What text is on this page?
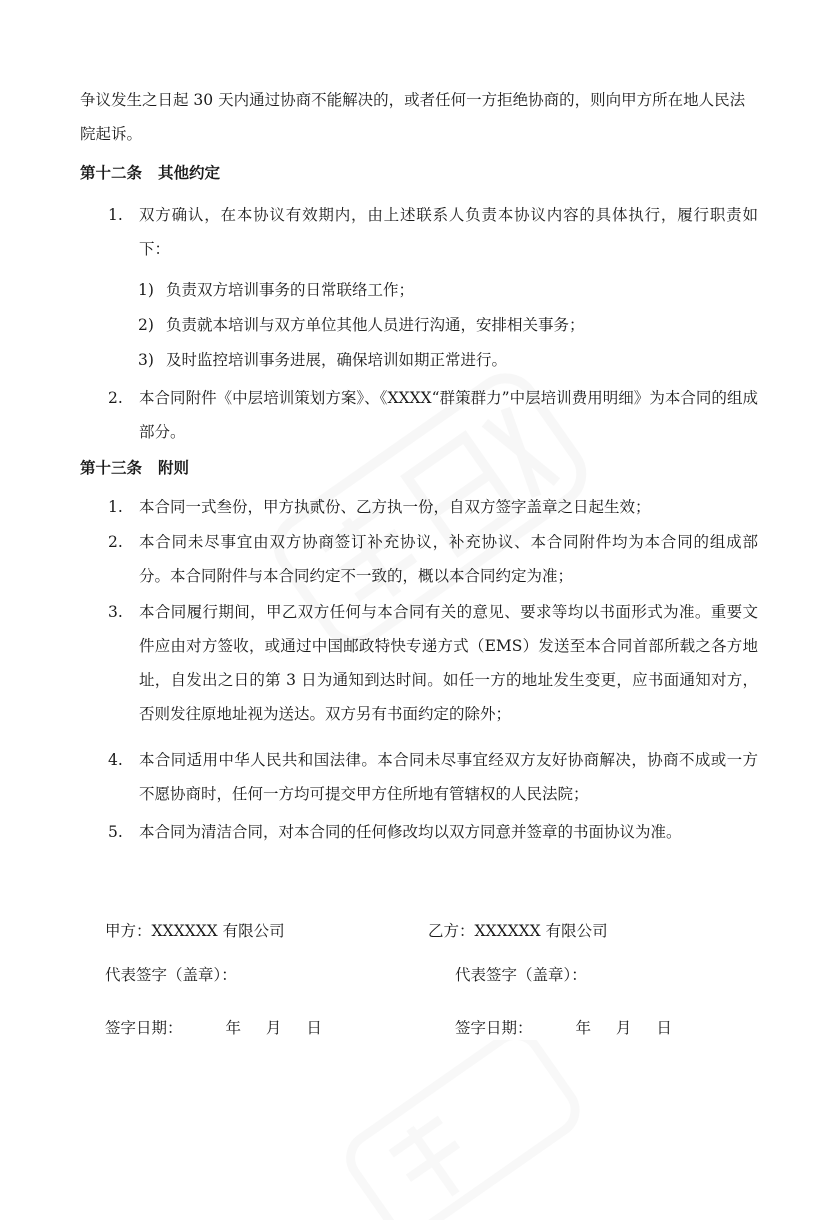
争议发生之日起 30 天内通过协商不能解决的，或者任何一方拒绝协商的，则向甲方所在地人民法院起诉。
第十二条 其他约定
1.	双方确认，在本协议有效期内，由上述联系人负责本协议内容的具体执行，履行职责如下：
1) 负责双方培训事务的日常联络工作；
2) 负责就本培训与双方单位其他人员进行沟通，安排相关事务；
3) 及时监控培训事务进展，确保培训如期正常进行。
2.	本合同附件《中层培训策划方案》、《XXXX“群策群力”中层培训费用明细》为本合同的组成部分。
第十三条 附则
1.	本合同一式叁份，甲方执贰份、乙方执一份，自双方签字盖章之日起生效；
2.	本合同未尽事宜由双方协商签订补充协议，补充协议、本合同附件均为本合同的组成部分。本合同附件与本合同约定不一致的，概以本合同约定为准；
3.	本合同履行期间，甲乙双方任何与本合同有关的意见、要求等均以书面形式为准。重要文件应由对方签收，或通过中国邮政特快专递方式（EMS）发送至本合同首部所载之各方地址，自发出之日的第 3 日为通知到达时间。如任一方的地址发生变更，应书面通知对方，否则发往原地址视为送达。双方另有书面约定的除外；
4.	本合同适用中华人民共和国法律。本合同未尽事宜经双方友好协商解决，协商不成或一方不愿协商时，任何一方均可提交甲方住所地有管辖权的人民法院；
5.	本合同为清洁合同，对本合同的任何修改均以双方同意并签章的书面协议为准。
甲方：XXXXXX 有限公司	乙方：XXXXXX 有限公司
代表签字（盖章）：	代表签字（盖章）：
签字日期：	年 月 日	签字日期：	年 月 日
